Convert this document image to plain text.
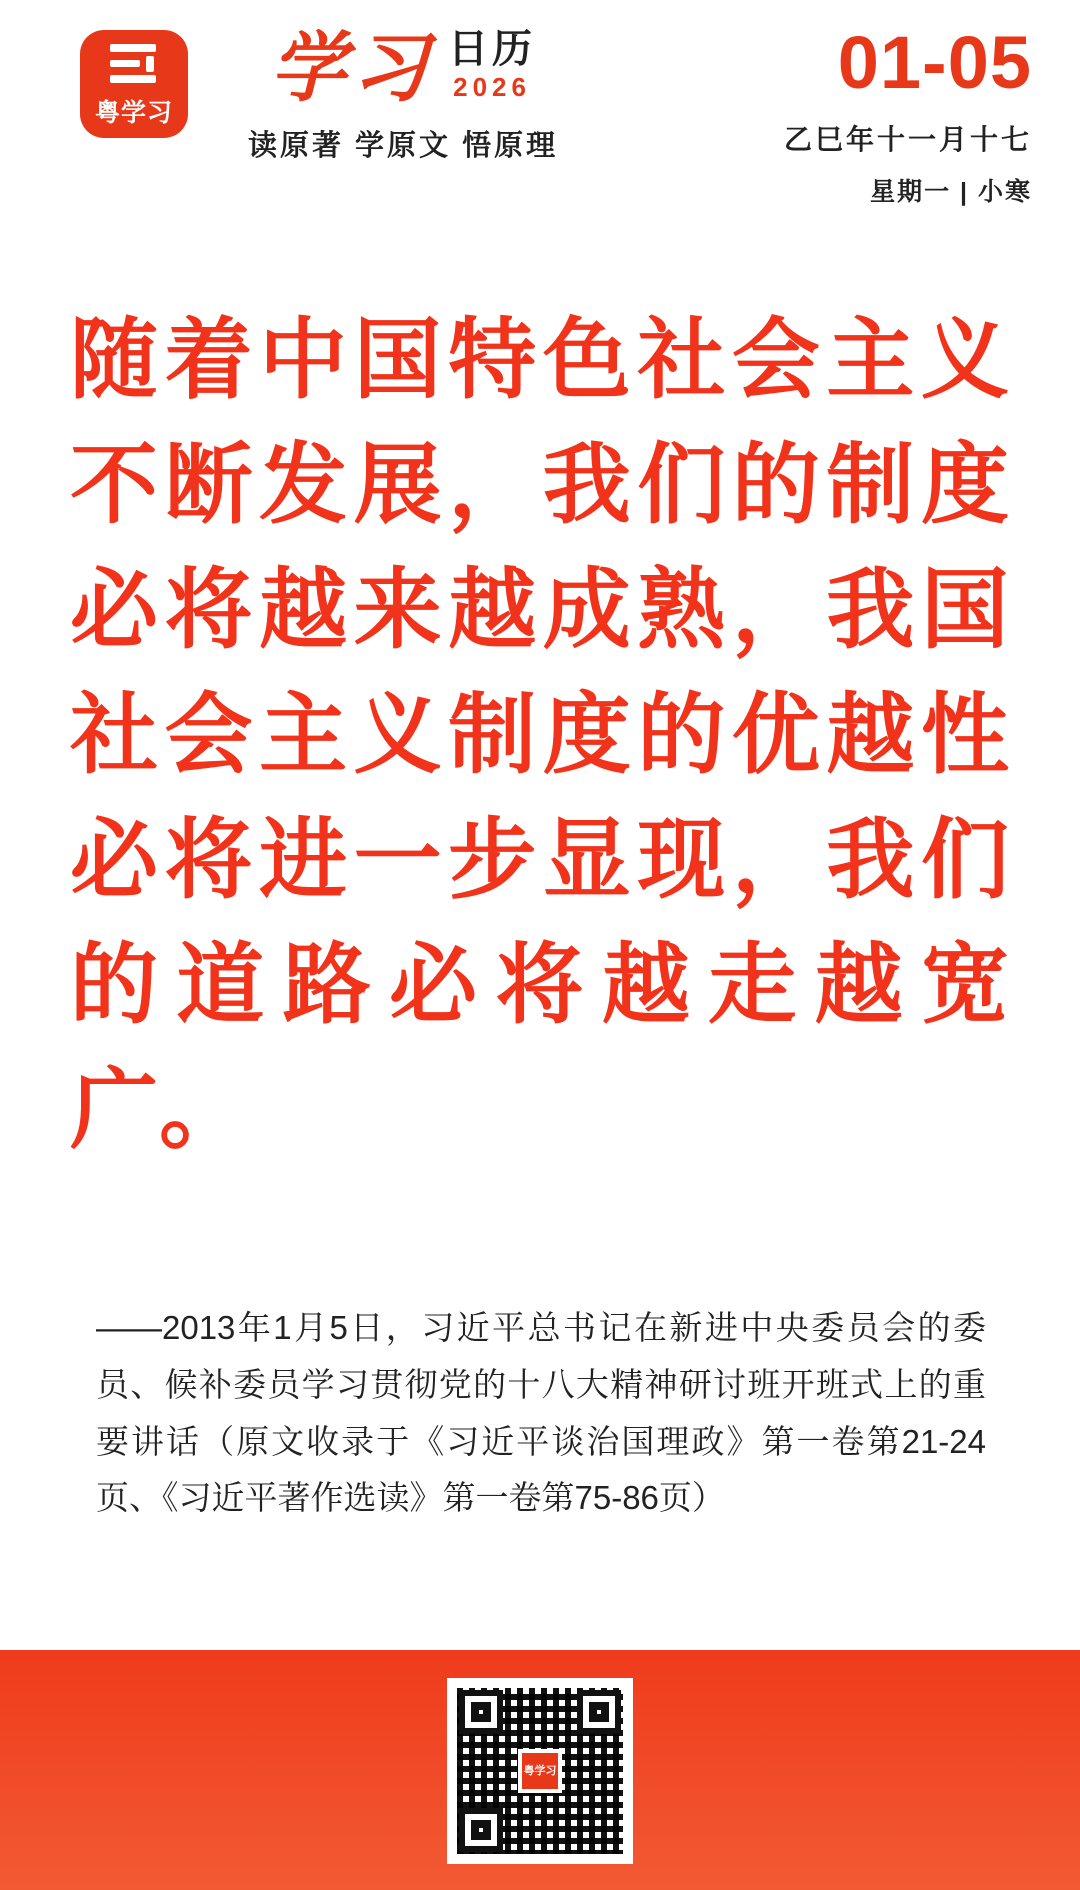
粤学习
学习 日历
2026
读原著 学原文 悟原理
01-05
乙巳年十一月十七
星期一 | 小寒
随着中国特色社会主义不断发展，我们的制度必将越来越成熟，我国社会主义制度的优越性必将进一步显现，我们的道路必将越走越宽广。
——2013年1月5日，习近平总书记在新进中央委员会的委员、候补委员学习贯彻党的十八大精神研讨班开班式上的重要讲话（原文收录于《习近平谈治国理政》第一卷第21-24页、《习近平著作选读》第一卷第75-86页）
粤学习
